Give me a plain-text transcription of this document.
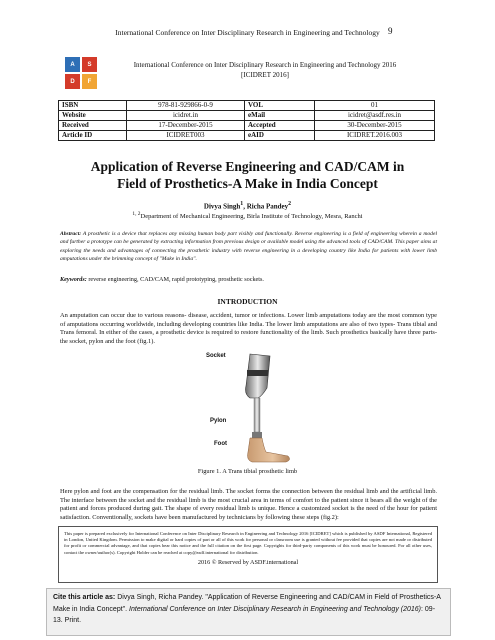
International Conference on Inter Disciplinary Research in Engineering and Technology 9
A	S
D	F
International Conference on Inter Disciplinary Research in Engineering and Technology 2016
[ICIDRET 2016]
ISBN	978-81-929866-0-9	VOL	01
Website	icidret.in	eMail	icidret@asdf.res.in
Received	17-December-2015	Accepted	30-December-2015
Article ID	ICIDRET003	eAID	ICIDRET.2016.003
Application of Reverse Engineering and CAD/CAM in
Field of Prosthetics-A Make in India Concept
Divya Singh$^1$, Richa Pandey$^2$
$^{1, 2}$Department of Mechanical Engineering, Birla Institute of Technology, Mesra, Ranchi
Abstract: A prosthetic is a device that replaces any missing human body part visibly and functionally. Reverse engineering is a field of engineering wherein a model and further a prototype can be generated by extracting information from previous design or available model using the advanced tools of CAD/CAM. This paper aims at exploring the needs and advantages of connecting the prosthetic industry with reverse engineering in a developing country like India for patients with lower limb amputations under the brimming concept of "Make in India".
Keywords: reverse engineering, CAD/CAM, rapid prototyping, prosthetic sockets.
INTRODUCTION
An amputation can occur due to various reasons- disease, accident, tumor or infections. Lower limb amputations today are the most common type of amputations occurring worldwide, including developing countries like India. The lower limb amputations are also of two types- Trans tibial and Trans femoral. In either of the cases, a prosthetic device is required to restore functionality of the limb. Such prosthetics basically have three parts- the socket, pylon and the foot (fig.1).
Socket
Pylon
Foot
Figure 1. A Trans tibial prosthetic limb
Here pylon and foot are the compensation for the residual limb. The socket forms the connection between the residual limb and the artificial limb. The interface between the socket and the residual limb is the most crucial area in terms of comfort to the patient since it bears all the weight of the patient and forces produced during gait. The shape of every residual limb is unique. Hence a customized socket is the need of the hour for patient satisfaction. Conventionally, sockets have been manufactured by technicians by following these steps (fig.2):
This paper is prepared exclusively for International Conference on Inter Disciplinary Research in Engineering and Technology 2016 [ICIDRET] which is published by ASDF International, Registered in London, United Kingdom. Permission to make digital or hard copies of part or all of this work for personal or classroom use is granted without fee provided that copies are not made or distributed for profit or commercial advantage, and that copies bear this notice and the full citation on the first page. Copyrights for third-party components of this work must be honoured. For all other uses, contact the owner/author(s). Copyright Holder can be reached at copy@asdf.international for distribution.
2016 © Reserved by ASDF.international
Cite this article as: Divya Singh, Richa Pandey. "Application of Reverse Engineering and CAD/CAM in Field of Prosthetics-A Make in India Concept". International Conference on Inter Disciplinary Research in Engineering and Technology (2016): 09-13. Print.
